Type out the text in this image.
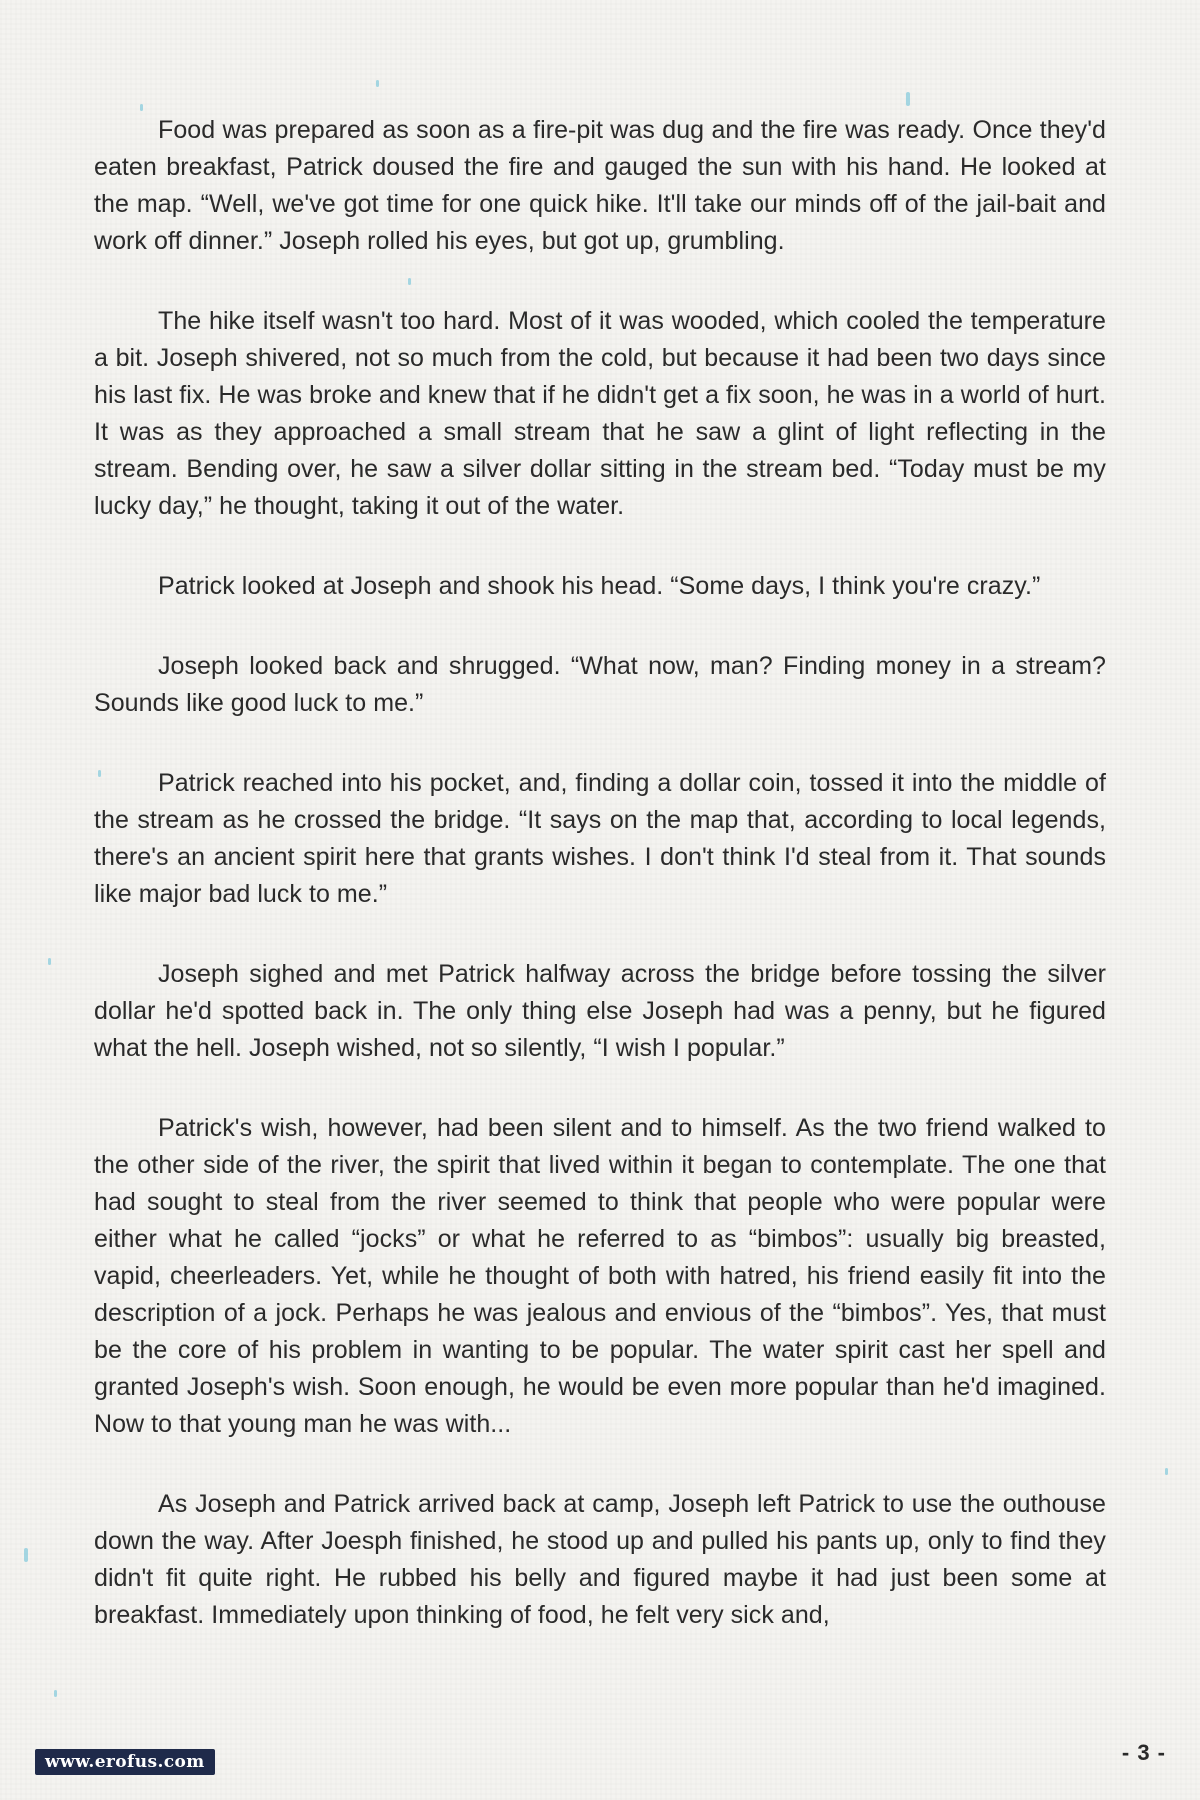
Food was prepared as soon as a fire-pit was dug and the fire was ready. Once they'd eaten breakfast, Patrick doused the fire and gauged the sun with his hand. He looked at the map. “Well, we've got time for one quick hike. It'll take our minds off of the jail-bait and work off dinner.” Joseph rolled his eyes, but got up, grumbling.

The hike itself wasn't too hard. Most of it was wooded, which cooled the temperature a bit. Joseph shivered, not so much from the cold, but because it had been two days since his last fix. He was broke and knew that if he didn't get a fix soon, he was in a world of hurt. It was as they approached a small stream that he saw a glint of light reflecting in the stream. Bending over, he saw a silver dollar sitting in the stream bed. “Today must be my lucky day,” he thought, taking it out of the water.

Patrick looked at Joseph and shook his head. “Some days, I think you're crazy.”

Joseph looked back and shrugged. “What now, man? Finding money in a stream? Sounds like good luck to me.”

Patrick reached into his pocket, and, finding a dollar coin, tossed it into the middle of the stream as he crossed the bridge. “It says on the map that, according to local legends, there's an ancient spirit here that grants wishes. I don't think I'd steal from it. That sounds like major bad luck to me.”

Joseph sighed and met Patrick halfway across the bridge before tossing the silver dollar he'd spotted back in. The only thing else Joseph had was a penny, but he figured what the hell. Joseph wished, not so silently, “I wish I popular.”

Patrick's wish, however, had been silent and to himself. As the two friend walked to the other side of the river, the spirit that lived within it began to contemplate. The one that had sought to steal from the river seemed to think that people who were popular were either what he called “jocks” or what he referred to as “bimbos”: usually big breasted, vapid, cheerleaders. Yet, while he thought of both with hatred, his friend easily fit into the description of a jock. Perhaps he was jealous and envious of the “bimbos”. Yes, that must be the core of his problem in wanting to be popular. The water spirit cast her spell and granted Joseph's wish. Soon enough, he would be even more popular than he'd imagined. Now to that young man he was with...

As Joseph and Patrick arrived back at camp, Joseph left Patrick to use the outhouse down the way. After Joesph finished, he stood up and pulled his pants up, only to find they didn't fit quite right. He rubbed his belly and figured maybe it had just been some at breakfast. Immediately upon thinking of food, he felt very sick and,

- 3 -
www.erofus.com
